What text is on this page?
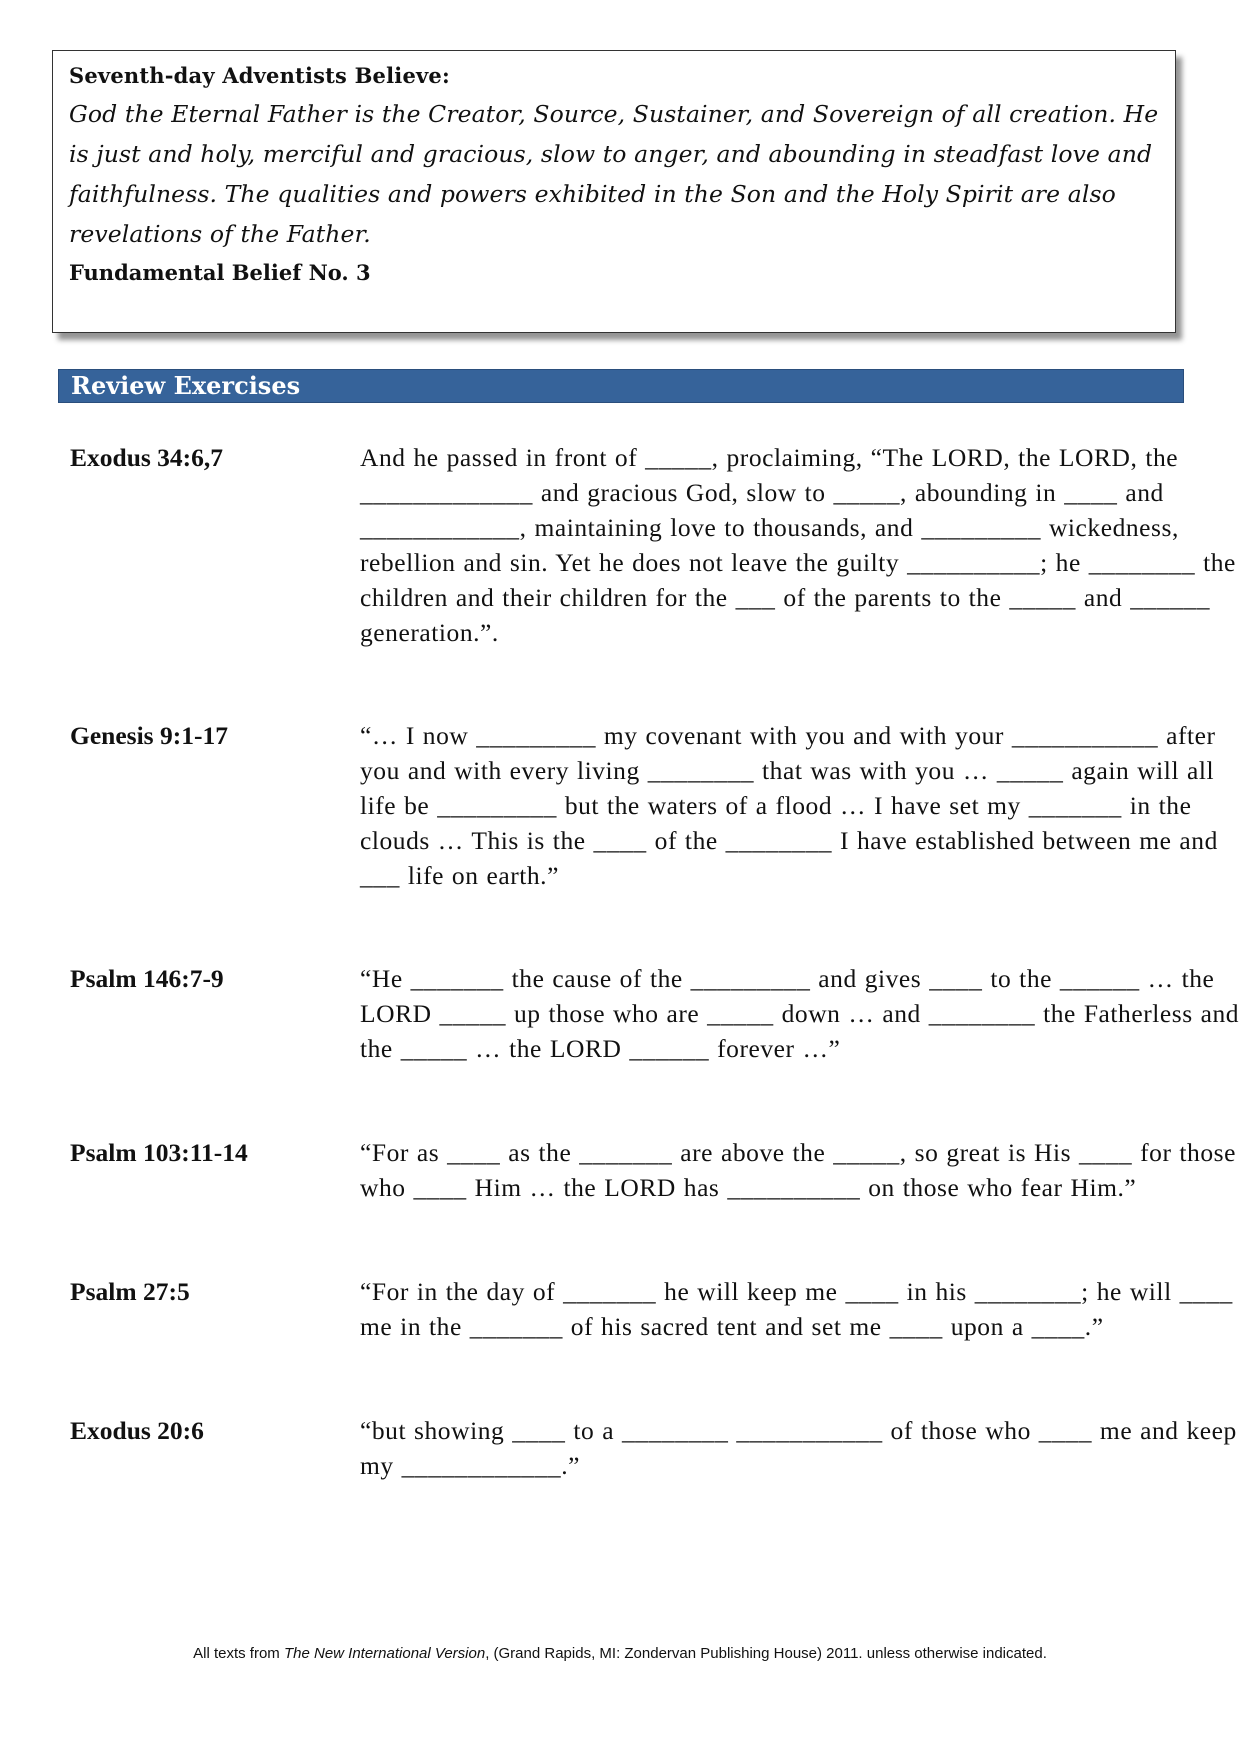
Seventh-day Adventists Believe:

God the Eternal Father is the Creator, Source, Sustainer, and Sovereign of all creation. He is just and holy, merciful and gracious, slow to anger, and abounding in steadfast love and faithfulness. The qualities and powers exhibited in the Son and the Holy Spirit are also revelations of the Father.

Fundamental Belief No. 3

Review Exercises
Exodus 34:6,7	And he passed in front of _____, proclaiming, “The LORD, the LORD, the _____________ and gracious God, slow to _____, abounding in ____ and ____________, maintaining love to thousands, and _________ wickedness, rebellion and sin. Yet he does not leave the guilty __________; he ________ the children and their children for the ___ of the parents to the _____ and ______ generation.”.
Genesis 9:1-17	“… I now _________ my covenant with you and with your ___________ after you and with every living ________ that was with you … _____ again will all life be _________ but the waters of a flood … I have set my _______ in the clouds … This is the ____ of the ________ I have established between me and ___ life on earth.”
Psalm 146:7-9	“He _______ the cause of the _________ and gives ____ to the ______ … the LORD _____ up those who are _____ down … and ________ the Fatherless and the _____ … the LORD ______ forever …”
Psalm 103:11-14	“For as ____ as the _______ are above the _____, so great is His ____ for those who ____ Him … the LORD has __________ on those who fear Him.”
Psalm 27:5	“For in the day of _______ he will keep me ____ in his ________; he will ____ me in the _______ of his sacred tent and set me ____ upon a ____.”
Exodus 20:6	“but showing ____ to a ________ ___________ of those who ____ me and keep my ____________.”
All texts from The New International Version, (Grand Rapids, MI: Zondervan Publishing House) 2011. unless otherwise indicated.
